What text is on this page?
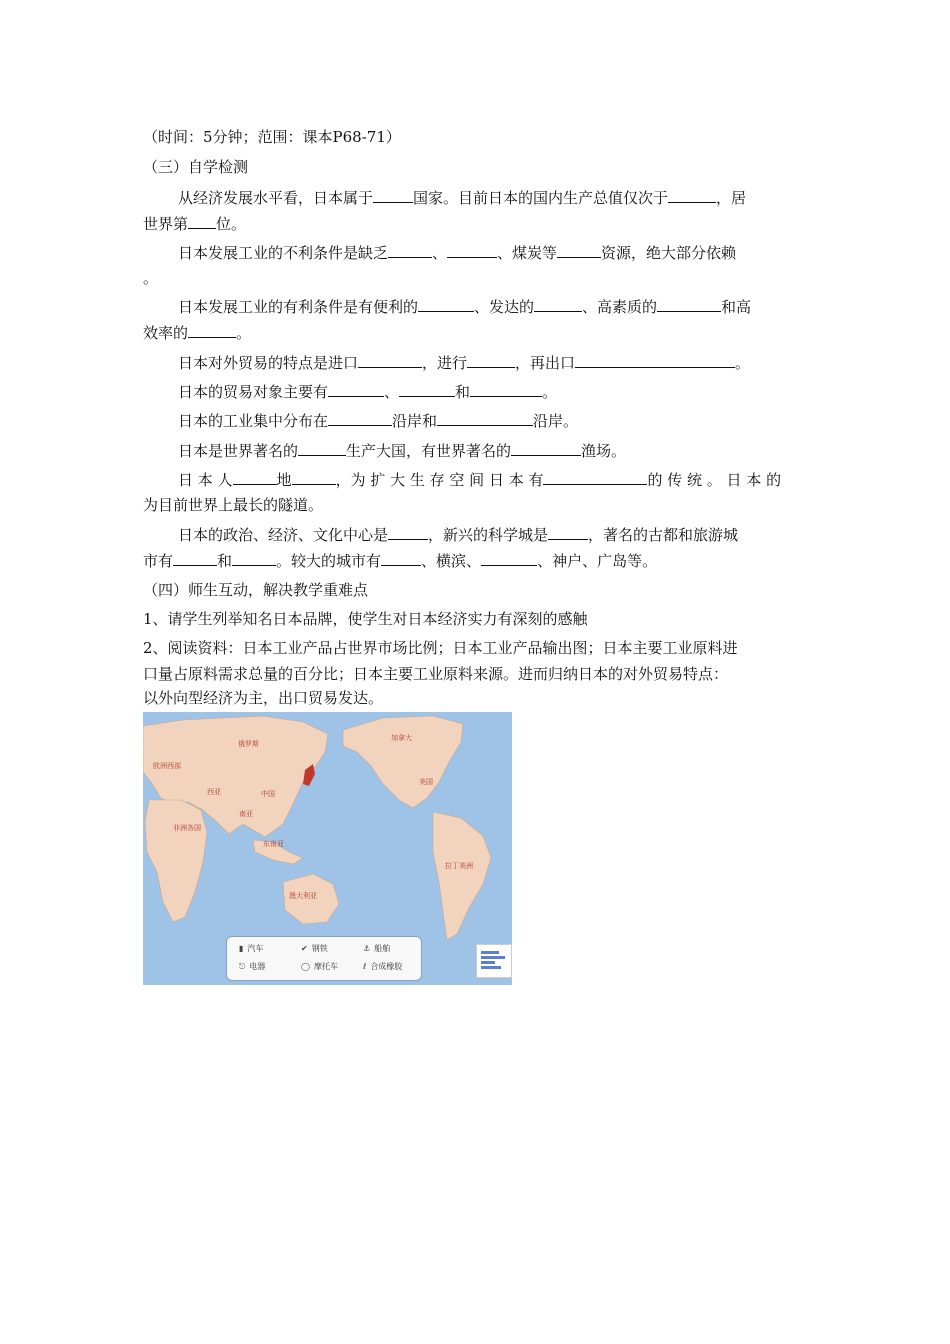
（时间：5分钟；范围：课本P68-71）
（三）自学检测
从经济发展水平看，日本属于	国家。目前日本的国内生产总值仅次于	，居
世界第 位。
日本发展工业的不利条件是缺乏	、	、煤炭等	资源，绝大部分依赖
。
日本发展工业的有利条件是有便利的	、发达的	、高素质的	和高
效率的	。
日本对外贸易的特点是进口	，进行	，再出口	。
日本的贸易对象主要有	、	和	。
日本的工业集中分布在	沿岸和	沿岸。
日本是世界著名的	生产大国，有世界著名的	渔场。
日 本 人	地	，为 扩 大 生 存 空 间 日 本 有	的 传 统 。 日 本 的
为目前世界上最长的隧道。
日本的政治、经济、文化中心是	，新兴的科学城是	，著名的古都和旅游城
市有	和	。较大的城市有	、横滨、	、神户、广岛等。
（四）师生互动，解决教学重难点
1、请学生列举知名日本品牌，使学生对日本经济实力有深刻的感触
2、阅读资料：日本工业产品占世界市场比例；日本工业产品输出图；日本主要工业原料进
口量占原料需求总量的百分比；日本主要工业原料来源。进而归纳日本的对外贸易特点：
以外向型经济为主，出口贸易发达。
俄罗斯
欧洲西部
西亚	中国
南亚
非洲各国
东南亚
加拿大
美国
澳大利亚
拉丁美洲
▮ 汽车	✔ 钢铁	⚓ 船舶
⎋ 电器	◯ 摩托车	ℓ 合成橡胶
